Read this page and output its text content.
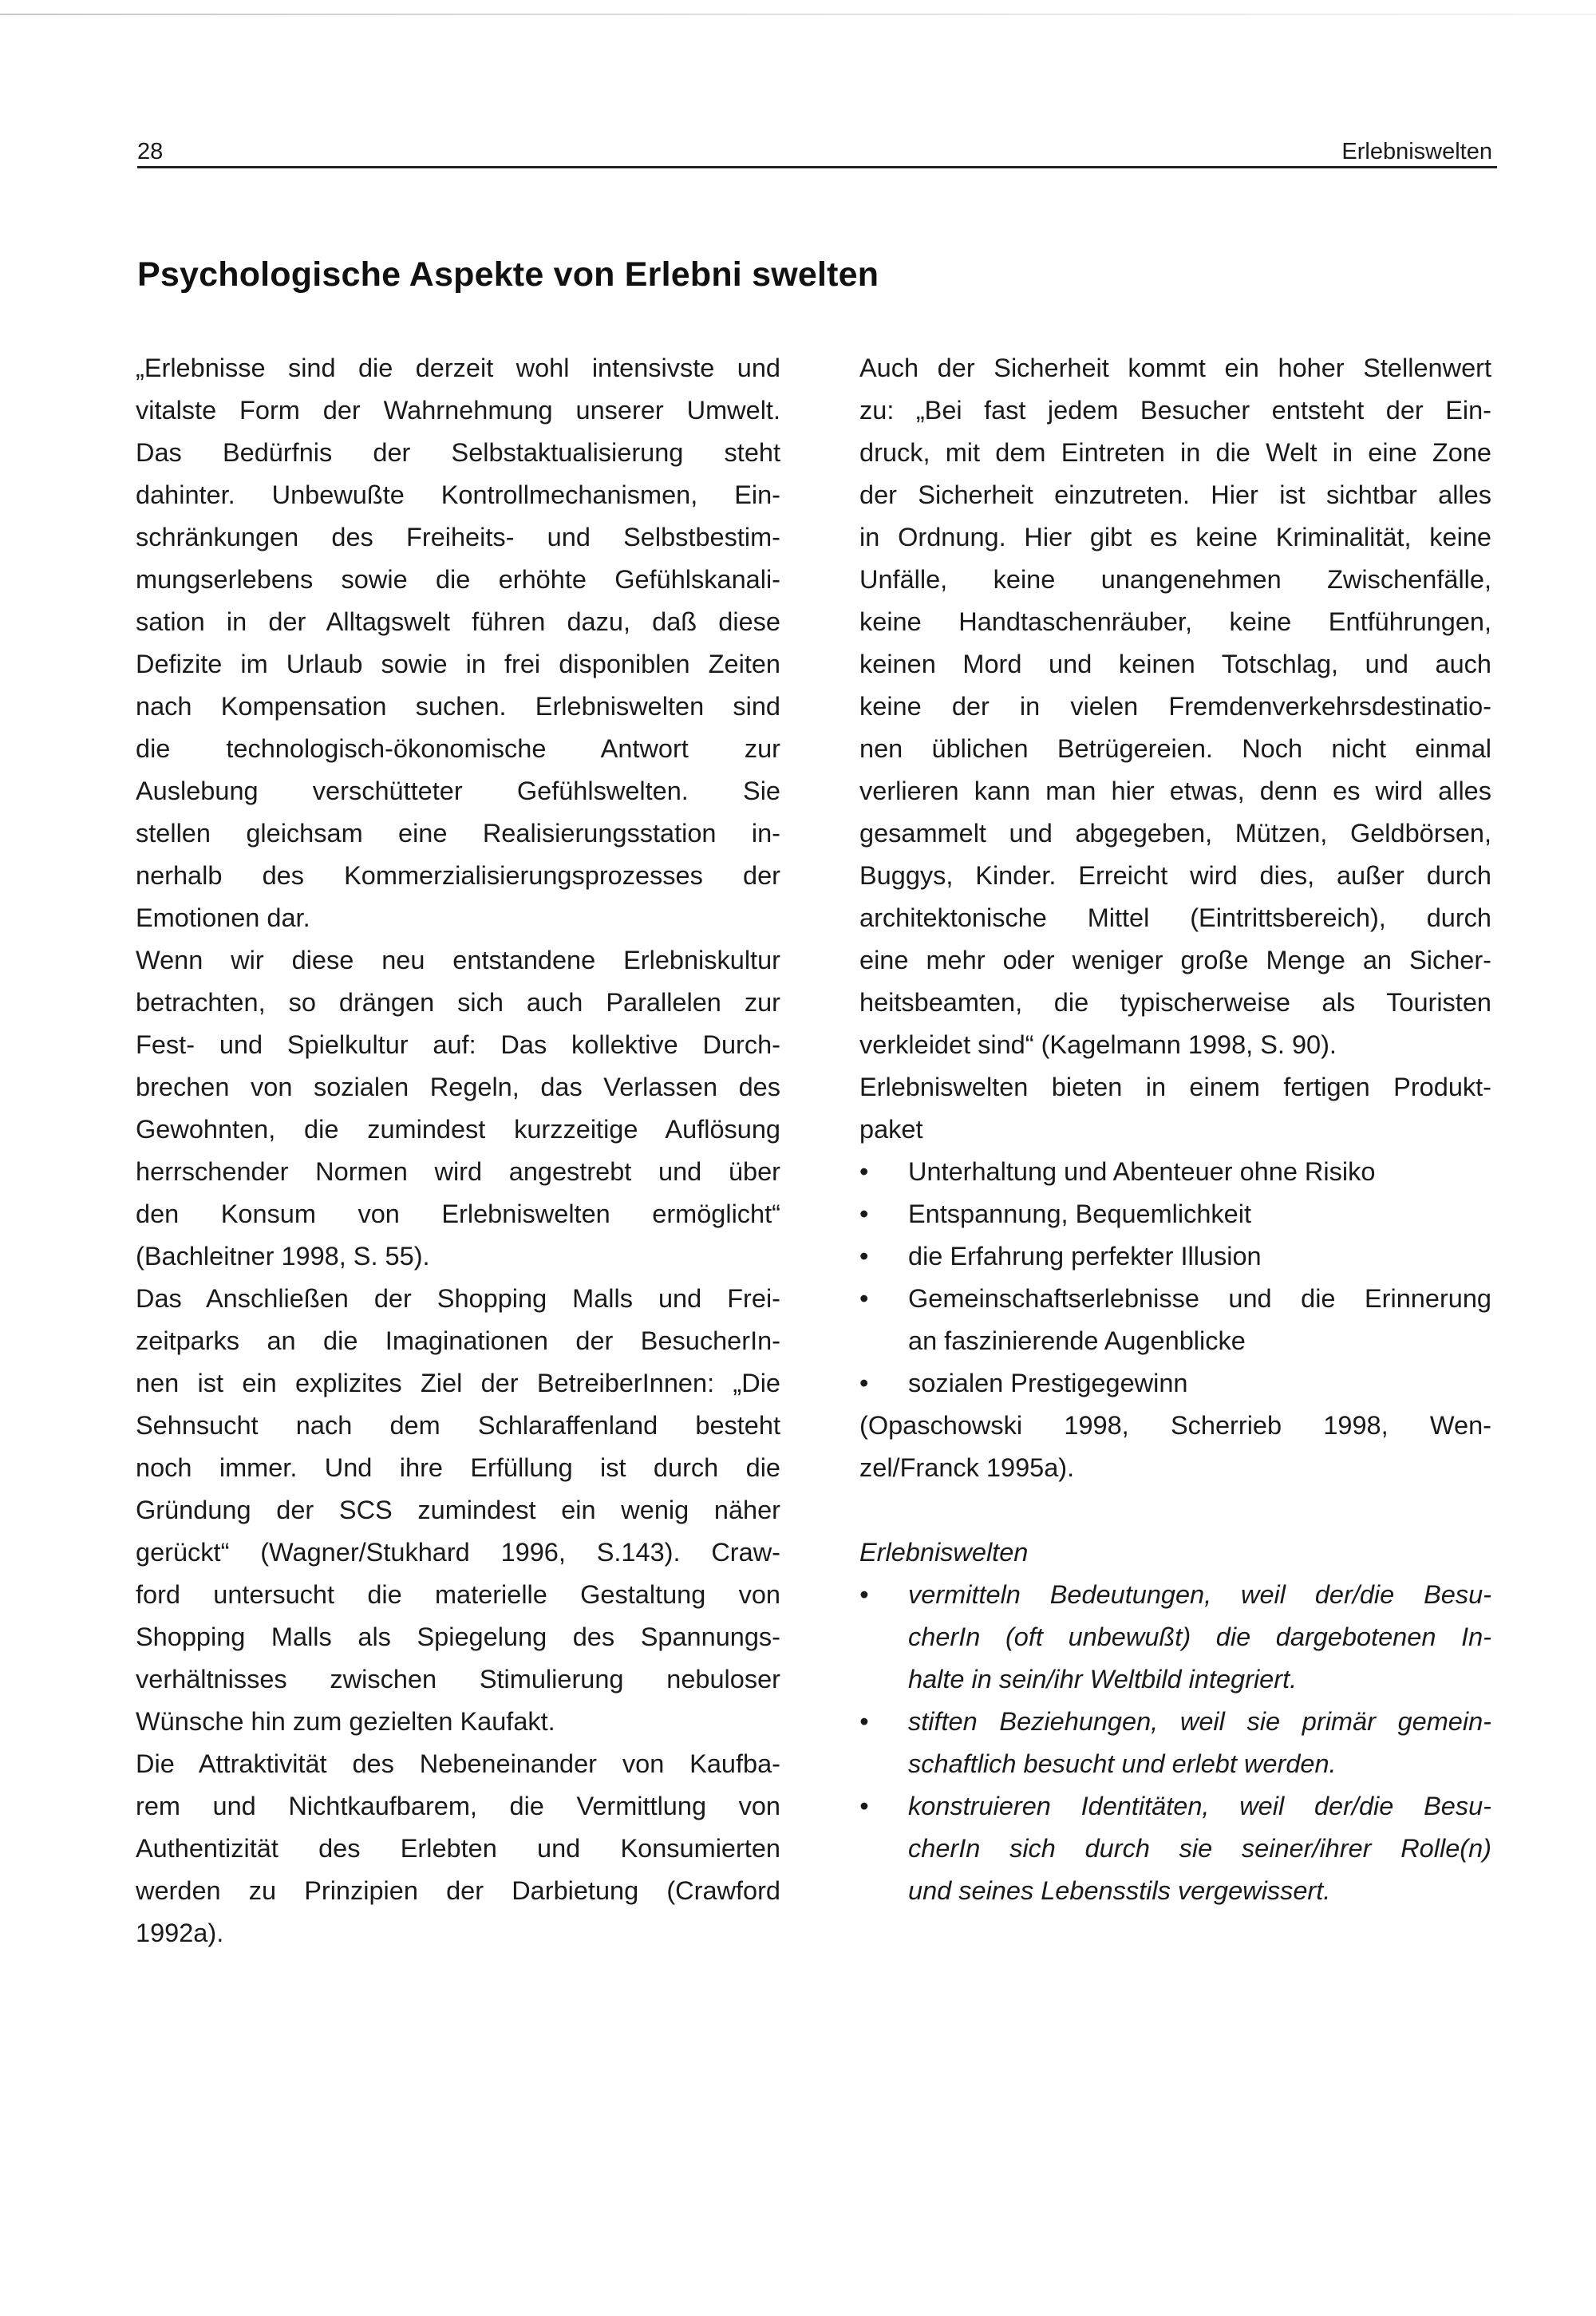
28	Erlebniswelten
Psychologische Aspekte von Erlebni swelten
„Erlebnisse sind die derzeit wohl intensivste und
vitalste Form der Wahrnehmung unserer Umwelt.
Das Bedürfnis der Selbstaktualisierung steht
dahinter. Unbewußte Kontrollmechanismen, Ein-
schränkungen des Freiheits- und Selbstbestim-
mungserlebens sowie die erhöhte Gefühlskanali-
sation in der Alltagswelt führen dazu, daß diese
Defizite im Urlaub sowie in frei disponiblen Zeiten
nach Kompensation suchen. Erlebniswelten sind
die technologisch-ökonomische Antwort zur
Auslebung verschütteter Gefühlswelten. Sie
stellen gleichsam eine Realisierungsstation in-
nerhalb des Kommerzialisierungsprozesses der
Emotionen dar.
Wenn wir diese neu entstandene Erlebniskultur
betrachten, so drängen sich auch Parallelen zur
Fest- und Spielkultur auf: Das kollektive Durch-
brechen von sozialen Regeln, das Verlassen des
Gewohnten, die zumindest kurzzeitige Auflösung
herrschender Normen wird angestrebt und über
den Konsum von Erlebniswelten ermöglicht“
(Bachleitner 1998, S. 55).
Das Anschließen der Shopping Malls und Frei-
zeitparks an die Imaginationen der BesucherIn-
nen ist ein explizites Ziel der BetreiberInnen: „Die
Sehnsucht nach dem Schlaraffenland besteht
noch immer. Und ihre Erfüllung ist durch die
Gründung der SCS zumindest ein wenig näher
gerückt“ (Wagner/Stukhard 1996, S.143). Craw-
ford untersucht die materielle Gestaltung von
Shopping Malls als Spiegelung des Spannungs-
verhältnisses zwischen Stimulierung nebuloser
Wünsche hin zum gezielten Kaufakt.
Die Attraktivität des Nebeneinander von Kaufba-
rem und Nichtkaufbarem, die Vermittlung von
Authentizität des Erlebten und Konsumierten
werden zu Prinzipien der Darbietung (Crawford
1992a).
Auch der Sicherheit kommt ein hoher Stellenwert
zu: „Bei fast jedem Besucher entsteht der Ein-
druck, mit dem Eintreten in die Welt in eine Zone
der Sicherheit einzutreten. Hier ist sichtbar alles
in Ordnung. Hier gibt es keine Kriminalität, keine
Unfälle, keine unangenehmen Zwischenfälle,
keine Handtaschenräuber, keine Entführungen,
keinen Mord und keinen Totschlag, und auch
keine der in vielen Fremdenverkehrsdestinatio-
nen üblichen Betrügereien. Noch nicht einmal
verlieren kann man hier etwas, denn es wird alles
gesammelt und abgegeben, Mützen, Geldbörsen,
Buggys, Kinder. Erreicht wird dies, außer durch
architektonische Mittel (Eintrittsbereich), durch
eine mehr oder weniger große Menge an Sicher-
heitsbeamten, die typischerweise als Touristen
verkleidet sind“ (Kagelmann 1998, S. 90).
Erlebniswelten bieten in einem fertigen Produkt-
paket
• Unterhaltung und Abenteuer ohne Risiko
• Entspannung, Bequemlichkeit
• die Erfahrung perfekter Illusion
• Gemeinschaftserlebnisse und die Erinnerung
an faszinierende Augenblicke
• sozialen Prestigegewinn
(Opaschowski 1998, Scherrieb 1998, Wen-
zel/Franck 1995a).
Erlebniswelten
• vermitteln Bedeutungen, weil der/die Besu-
cherIn (oft unbewußt) die dargebotenen In-
halte in sein/ihr Weltbild integriert.
• stiften Beziehungen, weil sie primär gemein-
schaftlich besucht und erlebt werden.
• konstruieren Identitäten, weil der/die Besu-
cherIn sich durch sie seiner/ihrer Rolle(n)
und seines Lebensstils vergewissert.
